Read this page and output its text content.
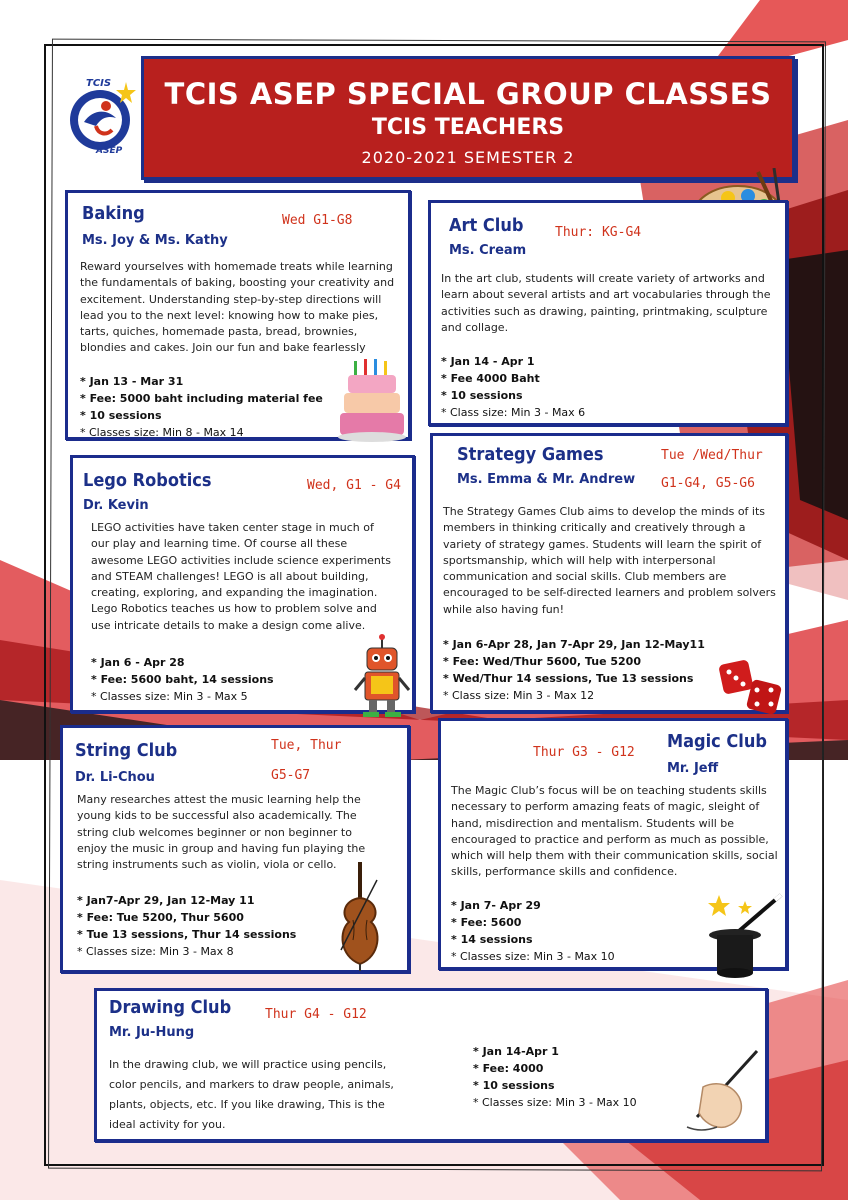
TCIS
ASEP
TCIS ASEP SPECIAL GROUP CLASSES
TCIS TEACHERS
2020-2021 SEMESTER 2
Baking
Ms. Joy & Ms. Kathy
Wed G1-G8
Reward yourselves with homemade treats while learning the fundamentals of baking, boosting your creativity and excitement. Understanding step-by-step directions will lead you to the next level: knowing how to make pies, tarts, quiches, homemade pasta, bread, brownies, blondies and cakes. Join our fun and bake fearlessly
* Jan 13 - Mar 31
* Fee: 5000 baht including material fee
* 10 sessions
* Classes size: Min 8 - Max 14
Art Club
Ms. Cream
Thur: KG-G4
In the art club, students will create variety of artworks and learn about several artists and art vocabularies through the activities such as drawing, painting, printmaking, sculpture and collage.
* Jan 14 - Apr 1
* Fee 4000 Baht
* 10 sessions
* Class size: Min 3 - Max 6
Lego Robotics
Dr. Kevin
Wed, G1 - G4
LEGO activities have taken center stage in much of our play and learning time. Of course all these awesome LEGO activities include science experiments and STEAM challenges! LEGO is all about building, creating, exploring, and expanding the imagination. Lego Robotics teaches us how to problem solve and use intricate details to make a design come alive.
* Jan 6 - Apr 28
* Fee: 5600 baht, 14 sessions
* Classes size: Min 3 - Max 5
Strategy Games
Ms. Emma & Mr. Andrew
Tue /Wed/Thur
G1-G4, G5-G6
The Strategy Games Club aims to develop the minds of its members in thinking critically and creatively through a variety of strategy games. Students will learn the spirit of sportsmanship, which will help with interpersonal communication and social skills. Club members are encouraged to be self-directed learners and problem solvers while also having fun!
* Jan 6-Apr 28, Jan 7-Apr 29, Jan 12-May11
* Fee: Wed/Thur 5600, Tue 5200
* Wed/Thur 14 sessions, Tue 13 sessions
* Class size: Min 3 - Max 12
String Club
Dr. Li-Chou
Tue, Thur
G5-G7
Many researches attest the music learning help the young kids to be successful also academically. The string club welcomes beginner or non beginner to enjoy the music in group and having fun playing the string instruments such as violin, viola or cello.
* Jan7-Apr 29, Jan 12-May 11
* Fee: Tue 5200, Thur 5600
* Tue 13 sessions, Thur 14 sessions
* Classes size: Min 3 - Max 8
Magic Club
Mr. Jeff
Thur G3 - G12
The Magic Club’s focus will be on teaching students skills necessary to perform amazing feats of magic, sleight of hand, misdirection and mentalism. Students will be encouraged to practice and perform as much as possible, which will help them with their communication skills, social skills, performance skills and confidence.
* Jan 7- Apr 29
* Fee: 5600
* 14 sessions
* Classes size: Min 3 - Max 10
Drawing Club
Mr. Ju-Hung
Thur G4 - G12
In the drawing club, we will practice using pencils, color pencils, and markers to draw people, animals, plants, objects, etc. If you like drawing, This is the ideal activity for you.
* Jan 14-Apr 1
* Fee: 4000
* 10 sessions
* Classes size: Min 3 - Max 10
